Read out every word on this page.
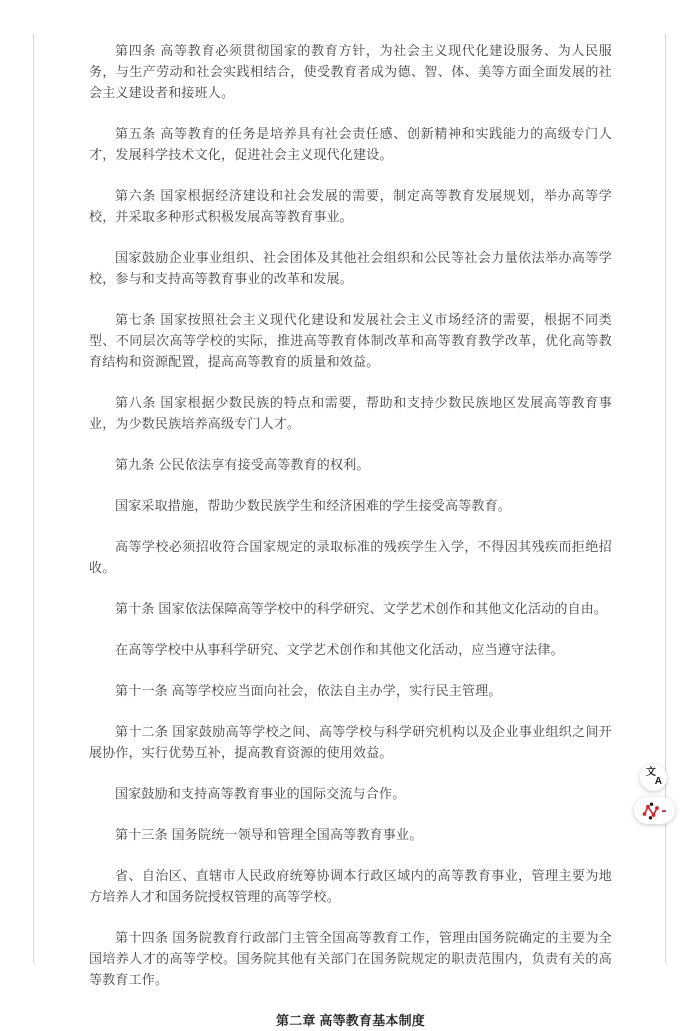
第四条 高等教育必须贯彻国家的教育方针，为社会主义现代化建设服务、为人民服务，与生产劳动和社会实践相结合，使受教育者成为德、智、体、美等方面全面发展的社会主义建设者和接班人。

第五条 高等教育的任务是培养具有社会责任感、创新精神和实践能力的高级专门人才，发展科学技术文化，促进社会主义现代化建设。

第六条 国家根据经济建设和社会发展的需要，制定高等教育发展规划，举办高等学校，并采取多种形式积极发展高等教育事业。

国家鼓励企业事业组织、社会团体及其他社会组织和公民等社会力量依法举办高等学校，参与和支持高等教育事业的改革和发展。

第七条 国家按照社会主义现代化建设和发展社会主义市场经济的需要，根据不同类型、不同层次高等学校的实际，推进高等教育体制改革和高等教育教学改革，优化高等教育结构和资源配置，提高高等教育的质量和效益。

第八条 国家根据少数民族的特点和需要，帮助和支持少数民族地区发展高等教育事业，为少数民族培养高级专门人才。

第九条 公民依法享有接受高等教育的权利。

国家采取措施，帮助少数民族学生和经济困难的学生接受高等教育。

高等学校必须招收符合国家规定的录取标准的残疾学生入学，不得因其残疾而拒绝招收。

第十条 国家依法保障高等学校中的科学研究、文学艺术创作和其他文化活动的自由。

在高等学校中从事科学研究、文学艺术创作和其他文化活动，应当遵守法律。

第十一条 高等学校应当面向社会，依法自主办学，实行民主管理。

第十二条 国家鼓励高等学校之间、高等学校与科学研究机构以及企业事业组织之间开展协作，实行优势互补，提高教育资源的使用效益。

国家鼓励和支持高等教育事业的国际交流与合作。

第十三条 国务院统一领导和管理全国高等教育事业。

省、自治区、直辖市人民政府统筹协调本行政区域内的高等教育事业，管理主要为地方培养人才和国务院授权管理的高等学校。

第十四条 国务院教育行政部门主管全国高等教育工作，管理由国务院确定的主要为全国培养人才的高等学校。国务院其他有关部门在国务院规定的职责范围内，负责有关的高等教育工作。

第二章 高等教育基本制度

文
A
